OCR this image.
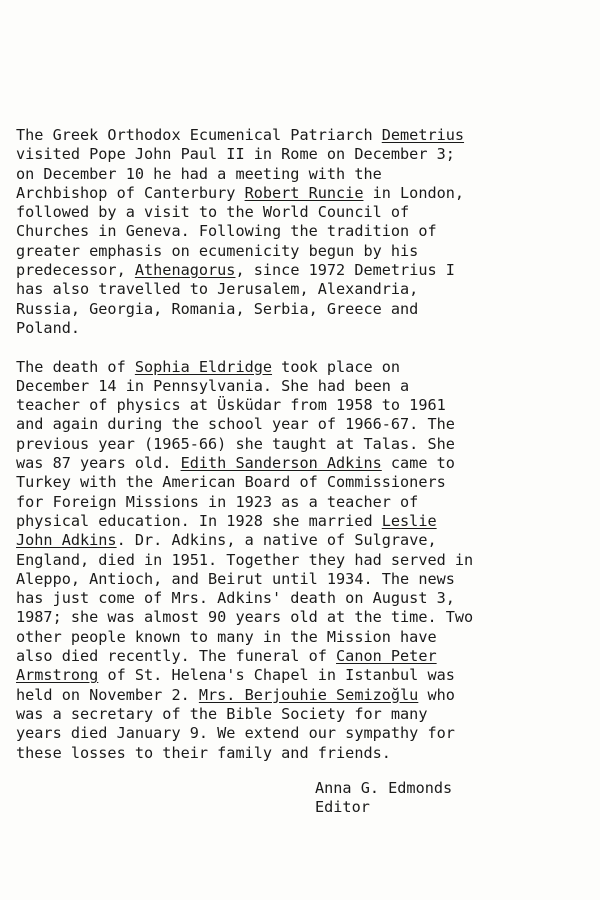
The Greek Orthodox Ecumenical Patriarch Demetrius
visited Pope John Paul II in Rome on December 3;
on December 10 he had a meeting with the
Archbishop of Canterbury Robert Runcie in London,
followed by a visit to the World Council of
Churches in Geneva. Following the tradition of
greater emphasis on ecumenicity begun by his
predecessor, Athenagorus, since 1972 Demetrius I
has also travelled to Jerusalem, Alexandria,
Russia, Georgia, Romania, Serbia, Greece and
Poland.
The death of Sophia Eldridge took place on
December 14 in Pennsylvania. She had been a
teacher of physics at Üsküdar from 1958 to 1961
and again during the school year of 1966-67. The
previous year (1965-66) she taught at Talas. She
was 87 years old. Edith Sanderson Adkins came to
Turkey with the American Board of Commissioners
for Foreign Missions in 1923 as a teacher of
physical education. In 1928 she married Leslie
John Adkins. Dr. Adkins, a native of Sulgrave,
England, died in 1951. Together they had served in
Aleppo, Antioch, and Beirut until 1934. The news
has just come of Mrs. Adkins' death on August 3,
1987; she was almost 90 years old at the time. Two
other people known to many in the Mission have
also died recently. The funeral of Canon Peter
Armstrong of St. Helena's Chapel in Istanbul was
held on November 2. Mrs. Berjouhie Semizoğlu who
was a secretary of the Bible Society for many
years died January 9. We extend our sympathy for
these losses to their family and friends.
Anna G. Edmonds
Editor
